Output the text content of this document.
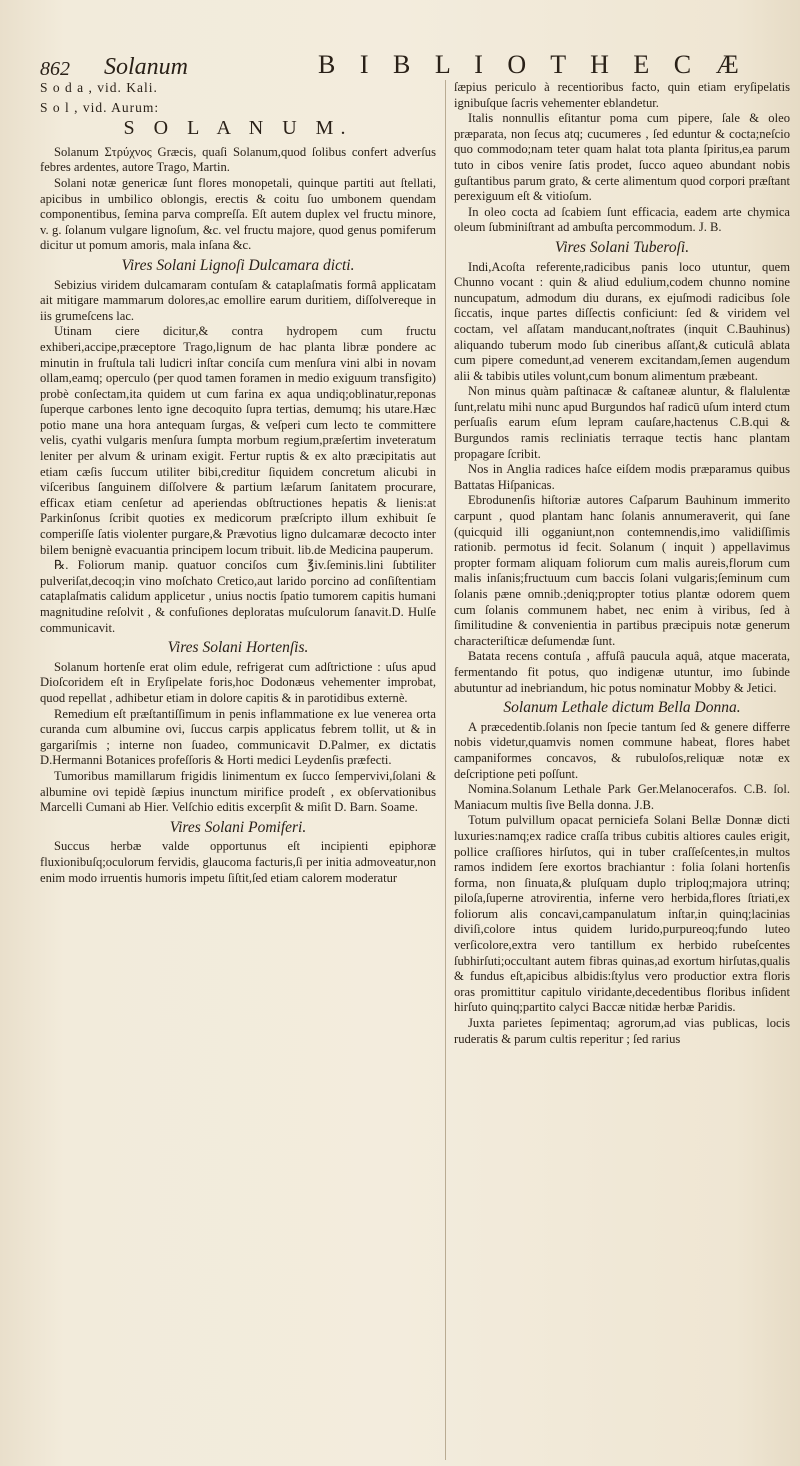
862 Solanum	B I B L I O T H E C Æ

S o d a , vid. Kali.

S o l , vid. Aurum:

S O L A N U M.

Solanum Στρύχνος Græcis, quaſi Solanum,quod ſolibus confert adverſus febres ardentes, autore Trago, Martin.

Solani notæ genericæ ſunt flores monopetali, quinque partiti aut ſtellati, apicibus in umbilico oblongis, erectis & coitu ſuo umbonem quendam componentibus, ſemina parva compreſſa. Eſt autem duplex vel fructu minore, v. g. ſolanum vulgare lignoſum, &c. vel fructu majore, quod genus pomiferum dicitur ut pomum amoris, mala inſana &c.

Vires Solani Lignoſi Dulcamara dicti.

Sebizius viridem dulcamaram contuſam & cataplaſmatis formâ applicatam ait mitigare mammarum dolores,ac emollire earum duritiem, diſſolvereque in iis grumeſcens lac.

Utinam ciere dicitur,& contra hydropem cum fructu exhiberi,accipe,præceptore Trago,lignum de hac planta libræ pondere ac minutin in fruſtula tali ludicri inſtar conciſa cum menſura vini albi in novam ollam,eamq; operculo (per quod tamen foramen in medio exiguum transfigito) probè conſectam,ita quidem ut cum farina ex aqua undiq;oblinatur,reponas ſuperque carbones lento igne decoquito ſupra tertias, demumq; his utare.Hæc potio mane una hora antequam ſurgas, & veſperi cum lecto te committere velis, cyathi vulgaris menſura ſumpta morbum regium,præſertim inveteratum leniter per alvum & urinam exigit. Fertur ruptis & ex alto præcipitatis aut etiam cæſis ſuccum utiliter bibi,creditur ſiquidem concretum alicubi in viſceribus ſanguinem diſſolvere & partium læſarum ſanitatem procurare, efficax etiam cenſetur ad aperiendas obſtructiones hepatis & lienis:at Parkinſonus ſcribit quoties ex medicorum præſcripto illum exhibuit ſe comperiſſe ſatis violenter purgare,& Prævotius ligno dulcamaræ decocto inter bilem benignè evacuantia principem locum tribuit. lib.de Medicina pauperum.

℞. Foliorum manip. quatuor conciſos cum ℥iv.ſeminis.lini ſubtiliter pulveriſat,decoq;in vino moſchato Cretico,aut larido porcino ad conſiſtentiam cataplaſmatis calidum applicetur , unius noctis ſpatio tumorem capitis humani magnitudine reſolvit , & confuſiones deploratas muſculorum ſanavit.D. Hulſe communicavit.

Vires Solani Hortenſis.

Solanum hortenſe erat olim edule, refrigerat cum adſtrictione : uſus apud Dioſcoridem eſt in Eryſipelate foris,hoc Dodonæus vehementer improbat, quod repellat , adhibetur etiam in dolore capitis & in parotidibus externè.

Remedium eſt præſtantiſſimum in penis inflammatione ex lue venerea orta curanda cum albumine ovi, ſuccus carpis applicatus febrem tollit, ut & in gargariſmis ; interne non ſuadeo, communicavit D.Palmer, ex dictatis D.Hermanni Botanices profeſſoris & Horti medici Leydenſis præfecti.

Tumoribus mamillarum frigidis linimentum ex ſucco ſempervivi,ſolani & albumine ovi tepidè ſæpius inunctum mirifice prodeſt , ex obſervationibus Marcelli Cumani ab Hier. Velſchio editis excerpſit & miſit D. Barn. Soame.

Vires Solani Pomiferi.

Succus herbæ valde opportunus eſt incipienti epiphoræ fluxionibuſq;oculorum fervidis, glaucoma facturis,ſi per initia admoveatur,non enim modo irruentis humoris impetu ſiſtit,ſed etiam calorem moderatur

ſæpius periculo à recentioribus facto, quin etiam eryſipelatis ignibuſque ſacris vehementer eblandetur.

Italis nonnullis eſitantur poma cum pipere, ſale & oleo præparata, non ſecus atq; cucumeres , ſed eduntur & cocta;neſcio quo commodo;nam teter quam halat tota planta ſpiritus,ea parum tuto in cibos venire ſatis prodet, ſucco aqueo abundant nobis guſtantibus parum grato, & certe alimentum quod corpori præſtant perexiguum eſt & vitioſum.

In oleo cocta ad ſcabiem ſunt efficacia, eadem arte chymica oleum ſubminiſtrant ad ambuſta percommodum. J. B.

Vires Solani Tuberoſi.

Indi,Acoſta referente,radicibus panis loco utuntur, quem Chunno vocant : quin & aliud edulium,codem chunno nomine nuncupatum, admodum diu durans, ex ejuſmodi radicibus ſole ſiccatis, inque partes diſſectis conficiunt: ſed & viridem vel coctam, vel aſſatam manducant,noſtrates (inquit C.Bauhinus) aliquando tuberum modo ſub cineribus aſſant,& cuticulâ ablata cum pipere comedunt,ad venerem excitandam,ſemen augendum alii & tabibis utiles volunt,cum bonum alimentum præbeant.

Non minus quàm paſtinacæ & caſtaneæ aluntur, & flalulentæ ſunt,relatu mihi nunc apud Burgundos haſ radicū uſum interd ctum perſuaſis earum eſum lepram cauſare,hactenus C.B.qui & Burgundos ramis recliniatis terraque tectis hanc plantam propagare ſcribit.

Nos in Anglia radices haſce eiſdem modis præparamus quibus Battatas Hiſpanicas.

Ebrodunenſis hiſtoriæ autores Caſparum Bauhinum immerito carpunt , quod plantam hanc ſolanis annumeraverit, qui ſane (quicquid illi ogganiunt,non contemnendis,imo validiſſimis rationib. permotus id fecit. Solanum ( inquit ) appellavimus propter formam aliquam foliorum cum malis aureis,florum cum malis inſanis;fructuum cum baccis ſolani vulgaris;ſeminum cum ſolanis pæne omnib.;deniq;propter totius plantæ odorem quem cum ſolanis communem habet, nec enim à viribus, ſed à ſimilitudine & convenientia in partibus præcipuis notæ generum characteriſticæ deſumendæ ſunt.

Batata recens contuſa , affuſâ paucula aquâ, atque macerata, fermentando fit potus, quo indigenæ utuntur, imo ſubinde abutuntur ad inebriandum, hic potus nominatur Mobby & Jetici.

Solanum Lethale dictum Bella Donna.

A præcedentib.ſolanis non ſpecie tantum ſed & genere differre nobis videtur,quamvis nomen commune habeat, flores habet campaniformes concavos, & rubuloſos,reliquæ notæ ex deſcriptione peti poſſunt.

Nomina.Solanum Lethale Park Ger.Melanocerafos. C.B. ſol. Maniacum multis ſive Bella donna. J.B.

Totum pulvillum opacat perniciefa Solani Bellæ Donnæ dicti luxuries:namq;ex radice craſſa tribus cubitis altiores caules erigit, pollice craſſiores hirſutos, qui in tuber craſſeſcentes,in multos ramos indidem ſere exortos brachiantur : folia ſolani hortenſis forma, non ſinuata,& pluſquam duplo triploq;majora utrinq; piloſa,ſuperne atrovirentia, inferne vero herbida,flores ſtriati,ex foliorum alis concavi,campanulatum inſtar,in quinq;lacinias diviſi,colore intus quidem lurido,purpureoq;fundo luteo verſicolore,extra vero tantillum ex herbido rubeſcentes ſubhirſuti;occultant autem fibras quinas,ad exortum hirſutas,qualis & fundus eſt,apicibus albidis:ſtylus vero productior extra floris oras promittitur capitulo viridante,decedentibus floribus inſident hirſuto quinq;partito calyci Baccæ nitidæ herbæ Paridis.

Juxta parietes ſepimentaq; agrorum,ad vias publicas, locis ruderatis & parum cultis reperitur ; ſed rarius
